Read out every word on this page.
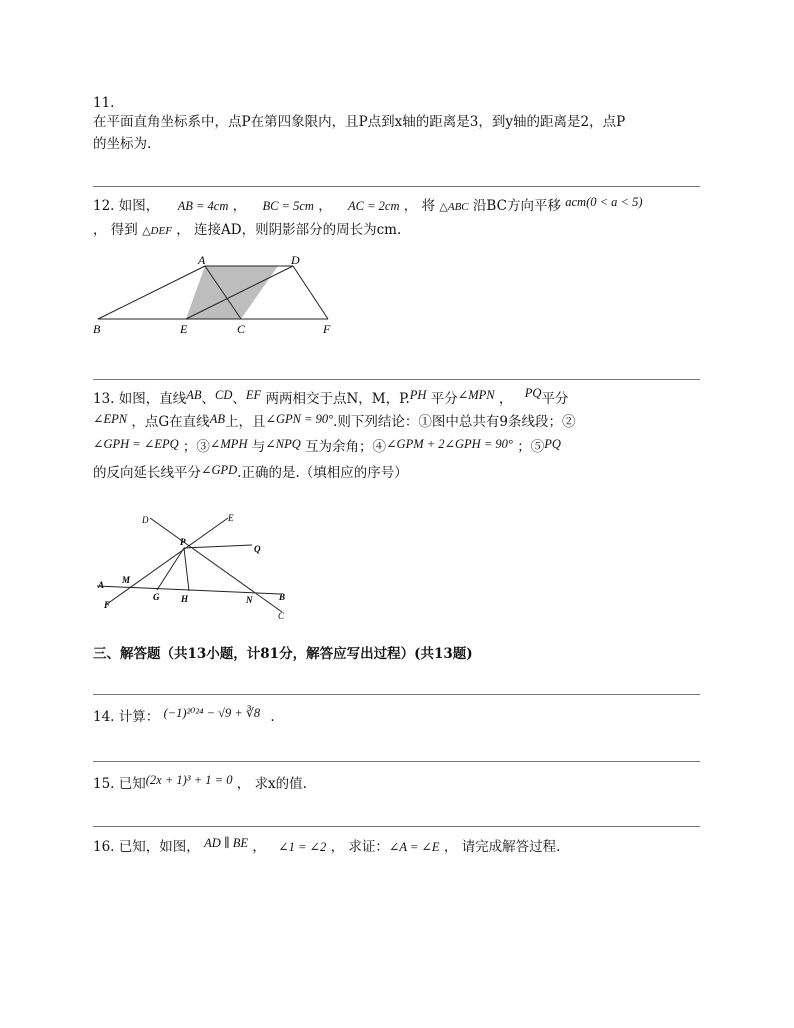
11.
在平面直角坐标系中，点P在第四象限内，且P点到x轴的距离是3，到y轴的距离是2，点P
的坐标为.
12. 如图， AB = 4cm ， BC = 5cm ， AC = 2cm ， 将 △ABC 沿BC方向平移 acm(0 < a < 5)
， 得到 △DEF ， 连接AD，则阴影部分的周长为cm.
A	D
B	E	C	F
13. 如图，直线AB、CD、EF 两两相交于点N，M，P.PH 平分∠MPN ， PQ平分
∠EPN ，点G在直线AB上，且∠GPN = 90°.则下列结论：①图中总共有9条线段；②
∠GPH = ∠EPQ ；③∠MPH 与∠NPQ 互为余角；④∠GPM + 2∠GPH = 90° ；⑤PQ
的反向延长线平分∠GPD.正确的是.（填相应的序号）
D	E
P
Q
A M
B
F
G H	N
C
三、解答题（共13小题，计81分，解答应写出过程）(共13题)
14. 计算： (−1)²⁰²⁴ − √9 + ∛8 .
15. 已知(2x + 1)³ + 1 = 0 ， 求x的值.
16. 已知，如图， AD ∥ BE ， ∠1 = ∠2 ， 求证：∠A = ∠E ， 请完成解答过程.
